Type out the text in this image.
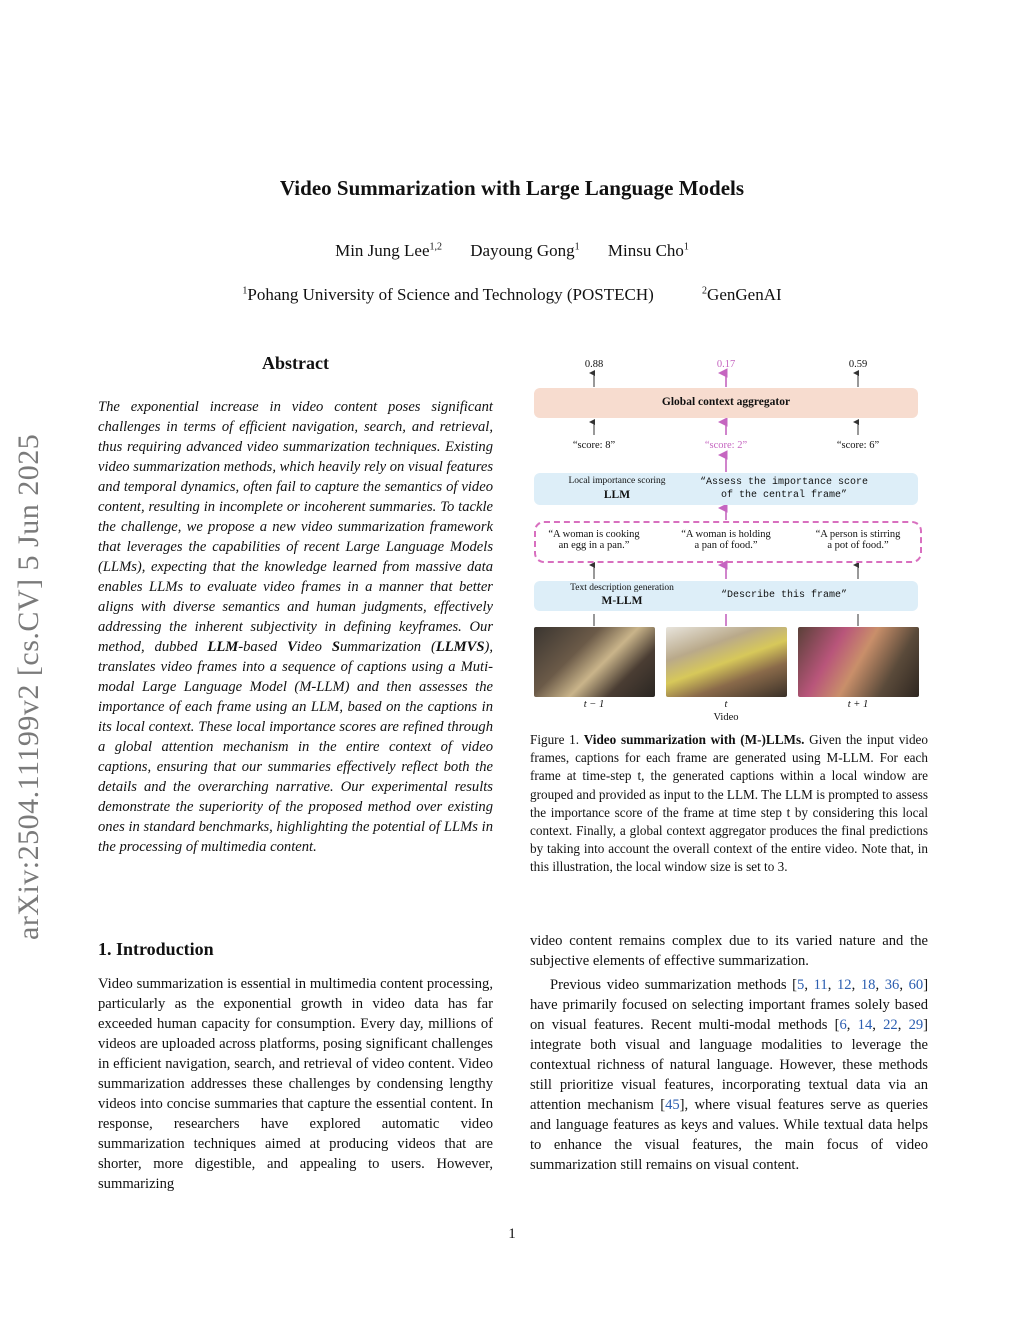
arXiv:2504.11199v2 [cs.CV] 5 Jun 2025
Video Summarization with Large Language Models
Min Jung Lee$^{1,2}$ Dayoung Gong$^1$ Minsu Cho$^1$
$^1$Pohang University of Science and Technology (POSTECH)	$^2$GenGenAI
Abstract
The exponential increase in video content poses significant challenges in terms of efficient navigation, search, and retrieval, thus requiring advanced video summarization techniques. Existing video summarization methods, which heavily rely on visual features and temporal dynamics, often fail to capture the semantics of video content, resulting in incomplete or incoherent summaries. To tackle the challenge, we propose a new video summarization framework that leverages the capabilities of recent Large Language Models (LLMs), expecting that the knowledge learned from massive data enables LLMs to evaluate video frames in a manner that better aligns with diverse semantics and human judgments, effectively addressing the inherent subjectivity in defining keyframes. Our method, dubbed LLM-based Video Summarization (LLMVS), translates video frames into a sequence of captions using a Muti-modal Large Language Model (M-LLM) and then assesses the importance of each frame using an LLM, based on the captions in its local context. These local importance scores are refined through a global attention mechanism in the entire context of video captions, ensuring that our summaries effectively reflect both the details and the overarching narrative. Our experimental results demonstrate the superiority of the proposed method over existing ones in standard benchmarks, highlighting the potential of LLMs in the processing of multimedia content.
0.88	0.17	0.59
Global context aggregator
“score: 8”	“score: 2”	“score: 6”
Local importance scoring
LLM
“Assess the importance score
of the central frame”
“A woman is cooking
an egg in a pan.”
“A woman is holding
a pan of food.”
“A person is stirring
a pot of food.”
Text description generation
M-LLM	“Describe this frame”
t − 1	t	t + 1
Video
Figure 1. Video summarization with (M-)LLMs. Given the input video frames, captions for each frame are generated using M-LLM. For each frame at time-step t, the generated captions within a local window are grouped and provided as input to the LLM. The LLM is prompted to assess the importance score of the frame at time step t by considering this local context. Finally, a global context aggregator produces the final predictions by taking into account the overall context of the entire video. Note that, in this illustration, the local window size is set to 3.
1. Introduction
Video summarization is essential in multimedia content processing, particularly as the exponential growth in video data has far exceeded human capacity for consumption. Every day, millions of videos are uploaded across platforms, posing significant challenges in efficient navigation, search, and retrieval of video content. Video summarization addresses these challenges by condensing lengthy videos into concise summaries that capture the essential content. In response, researchers have explored automatic video summarization techniques aimed at producing videos that are shorter, more digestible, and appealing to users. However, summarizing

video content remains complex due to its varied nature and the subjective elements of effective summarization.

Previous video summarization methods [5, 11, 12, 18, 36, 60] have primarily focused on selecting important frames solely based on visual features. Recent multi-modal methods [6, 14, 22, 29] integrate both visual and language modalities to leverage the contextual richness of natural language. However, these methods still prioritize visual features, incorporating textual data via an attention mechanism [45], where visual features serve as queries and language features as keys and values. While textual data helps to enhance the visual features, the main focus of video summarization still remains on visual content.

1
